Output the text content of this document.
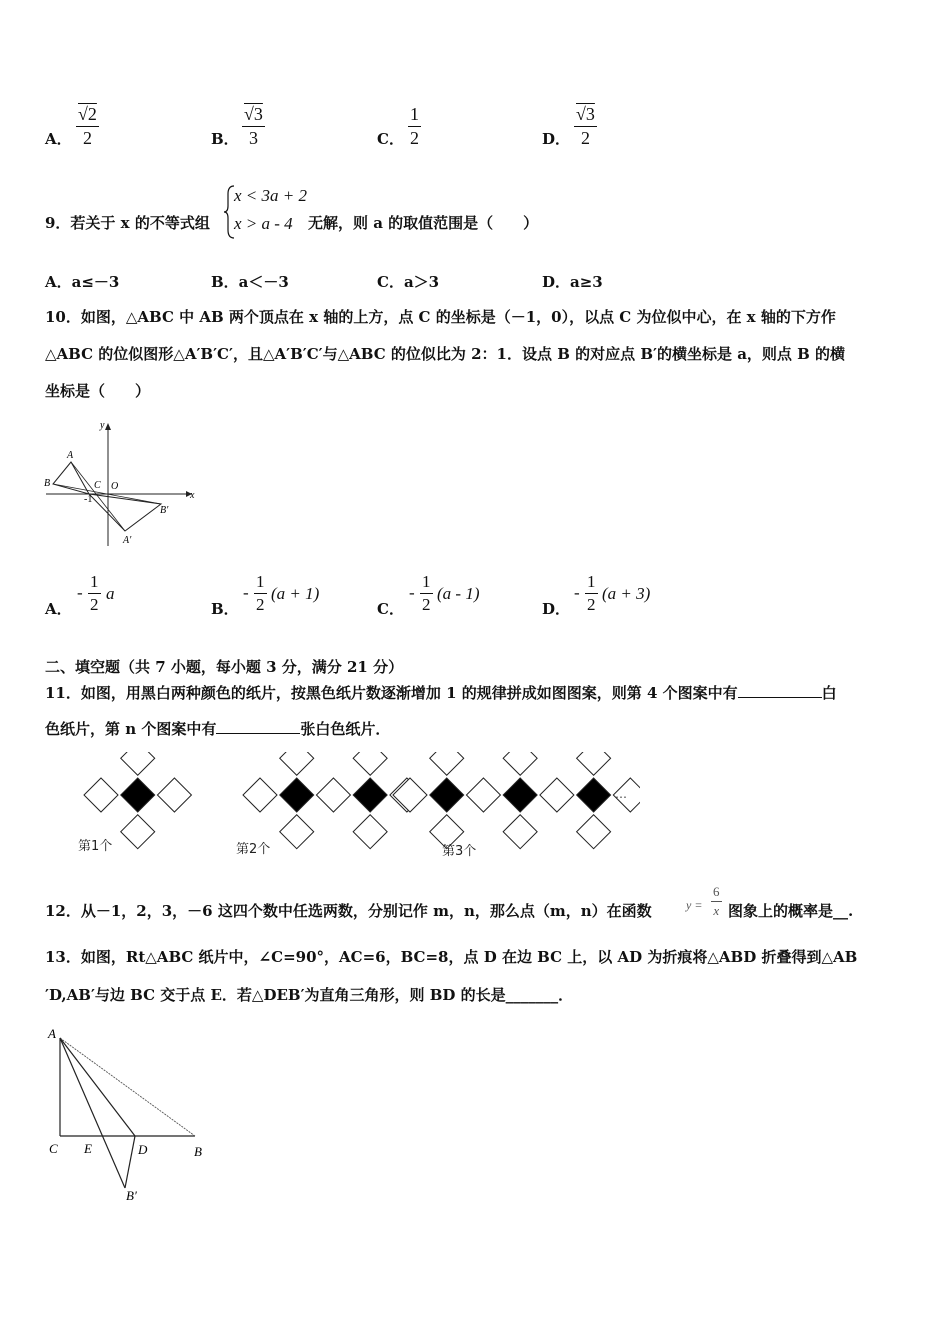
A．
√2
2	B．
√3
3	C．
1
2	D．
√3
2
9．若关于 x 的不等式组
x < 3a + 2
x > a - 4 无解，则 a 的取值范围是（　　）
A．a≤－3	B．a＜－3	C．a＞3	D．a≥3
10．如图，△ABC 中 AB 两个顶点在 x 轴的上方，点 C 的坐标是（－1，0），以点 C 为位似中心，在 x 轴的下方作
△ABC 的位似图形△A′B′C′，且△A′B′C′与△ABC 的位似比为 2：1．设点 B 的对应点 B′的横坐标是 a，则点 B 的横
坐标是（　　）
y
x
A
B	C O
-1
B′
A′
A．
-
1
2
a
B．
-
1
2
(a + 1)
C．
-
1
2
(a - 1)
D．
-
1
2
(a + 3)
二、填空题（共 7 小题，每小题 3 分，满分 21 分）
11．如图，用黑白两种颜色的纸片，按黑色纸片数逐渐增加 1 的规律拼成如图图案，则第 4 个图案中有	白
色纸片，第 n 个图案中有	张白色纸片．
第1个	第2个	第3个
…
12．从－1，2，3，－6 这四个数中任选两数，分别记作 m，n，那么点（m，n）在函数	y =
6
x 图象上的概率是__.
13．如图，Rt△ABC 纸片中，∠C=90°，AC=6，BC=8，点 D 在边 BC 上，以 AD 为折痕将△ABD 折叠得到△AB
′D,AB′与边 BC 交于点 E．若△DEB′为直角三角形，则 BD 的长是_______．
A
C E	D	B
B′
